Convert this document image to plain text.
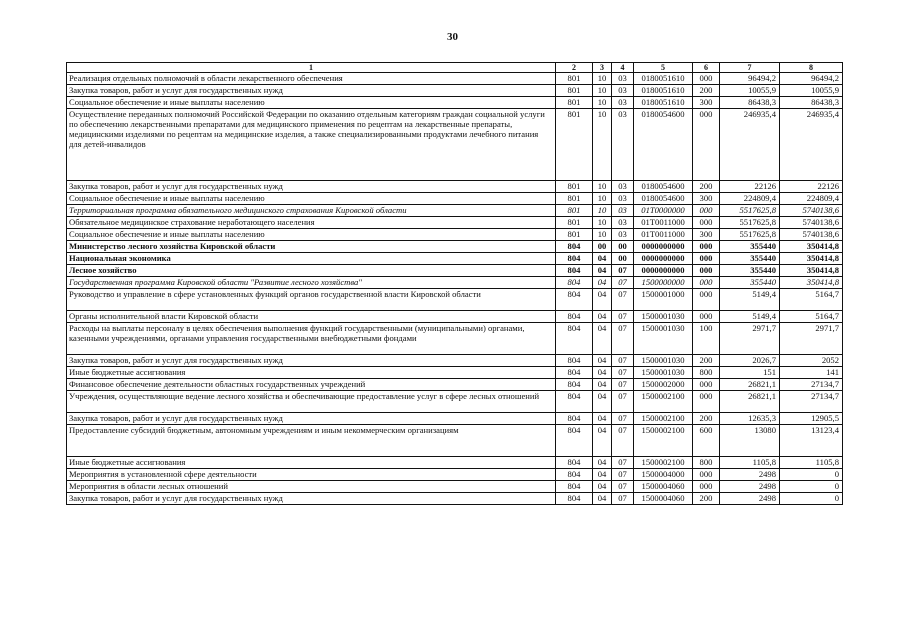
30
1	2	3	4	5	6	7	8
Реализация отдельных полномочий в области лекарственного обеспечения	801	10	03	0180051610	000	96494,2	96494,2
Закупка товаров, работ и услуг для государственных нужд	801	10	03	0180051610	200	10055,9	10055,9
Социальное обеспечение и иные выплаты населению	801	10	03	0180051610	300	86438,3	86438,3
Осуществление переданных полномочий Российской Федерации по оказанию отдельным категориям граждан социальной услуги по обеспечению лекарственными препаратами для медицинского применения по рецептам на лекарственные препараты, медицинскими изделиями по рецептам на медицинские изделия, а также специализированными продуктами лечебного питания для детей-инвалидов	801	10	03	0180054600	000	246935,4	246935,4
Закупка товаров, работ и услуг для государственных нужд	801	10	03	0180054600	200	22126	22126
Социальное обеспечение и иные выплаты населению	801	10	03	0180054600	300	224809,4	224809,4
Территориальная программа обязательного медицинского страхования Кировской области	801	10	03	01T0000000	000	5517625,8	5740138,6
Обязательное медицинское страхование неработающего населения	801	10	03	01T0011000	000	5517625,8	5740138,6
Социальное обеспечение и иные выплаты населению	801	10	03	01T0011000	300	5517625,8	5740138,6
Министерство лесного хозяйства Кировской области	804	00	00	0000000000	000	355440	350414,8
Национальная экономика	804	04	00	0000000000	000	355440	350414,8
Лесное хозяйство	804	04	07	0000000000	000	355440	350414,8
Государственная программа Кировской области "Развитие лесного хозяйства"	804	04	07	1500000000	000	355440	350414,8
Руководство и управление в сфере установленных функций органов государственной власти Кировской области	804	04	07	1500001000	000	5149,4	5164,7
Органы исполнительной власти Кировской области	804	04	07	1500001030	000	5149,4	5164,7
Расходы на выплаты персоналу в целях обеспечения выполнения функций государственными (муниципальными) органами, казенными учреждениями, органами управления государственными внебюджетными фондами	804	04	07	1500001030	100	2971,7	2971,7
Закупка товаров, работ и услуг для государственных нужд	804	04	07	1500001030	200	2026,7	2052
Иные бюджетные ассигнования	804	04	07	1500001030	800	151	141
Финансовое обеспечение деятельности областных государственных учреждений	804	04	07	1500002000	000	26821,1	27134,7
Учреждения, осуществляющие ведение лесного хозяйства и обеспечивающие предоставление услуг в сфере лесных отношений	804	04	07	1500002100	000	26821,1	27134,7
Закупка товаров, работ и услуг для государственных нужд	804	04	07	1500002100	200	12635,3	12905,5
Предоставление субсидий бюджетным, автономным учреждениям и иным некоммерческим организациям	804	04	07	1500002100	600	13080	13123,4
Иные бюджетные ассигнования	804	04	07	1500002100	800	1105,8	1105,8
Мероприятия в установленной сфере деятельности	804	04	07	1500004000	000	2498	0
Мероприятия в области лесных отношений	804	04	07	1500004060	000	2498	0
Закупка товаров, работ и услуг для государственных нужд	804	04	07	1500004060	200	2498	0
